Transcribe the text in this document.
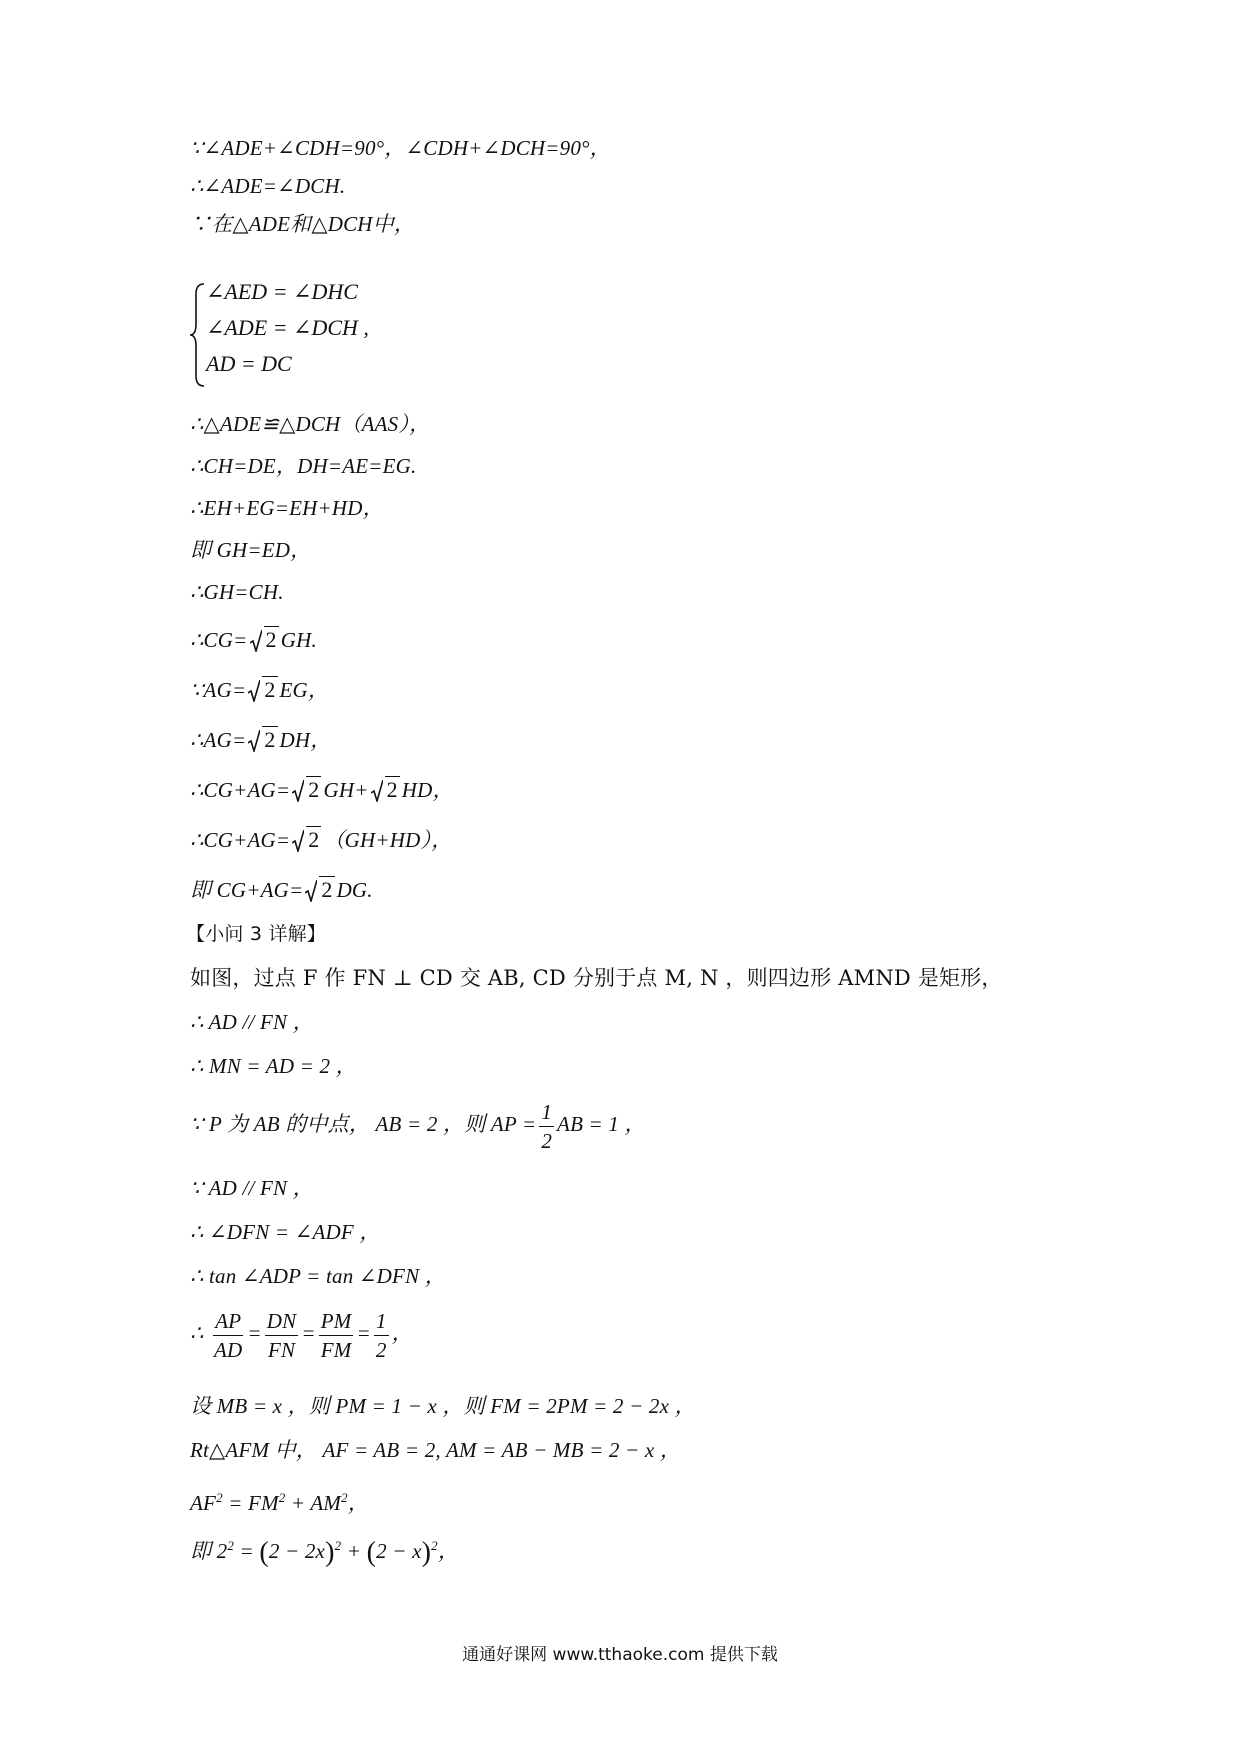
∵∠ADE+∠CDH=90°，∠CDH+∠DCH=90°，
∴∠ADE=∠DCH.
∵在△ADE和△DCH中，
∠AED = ∠DHC
∠ADE = ∠DCH ,
AD = DC
∴△ADE≌△DCH（AAS），
∴CH=DE，DH=AE=EG.
∴EH+EG=EH+HD，
即 GH=ED，
∴GH=CH.
∴CG= 2 GH.
∵AG= 2 EG，
∴AG= 2 DH，
∴CG+AG= 2 GH+ 2 HD，
∴CG+AG= 2 （GH+HD），
即 CG+AG= 2 DG.
【小问 3 详解】
如图，过点 F 作 FN ⊥ CD 交 AB, CD 分别于点 M, N ，则四边形 AMND 是矩形，
∴ AD // FN ，
∴ MN = AD = 2 ，
∵ P 为 AB 的中点， AB = 2 ，则 AP = $\frac{1}{2}$ AB = 1 ，
∵ AD // FN ，
∴ ∠DFN = ∠ADF ，
∴ tan ∠ADP = tan ∠DFN ，
∴ $\frac{AP}{AD} = \frac{DN}{FN} = \frac{PM}{FM} = \frac{1}{2}$ ，
设 MB = x ，则 PM = 1 − x ，则 FM = 2PM = 2 − 2x ，
Rt△AFM 中， AF = AB = 2, AM = AB − MB = 2 − x ，
$AF^2 = FM^2 + AM^2$，
即 $2^2 = (2 - 2x)^2 + (2 - x)^2$，
通通好课网 www.tthaoke.com 提供下载
